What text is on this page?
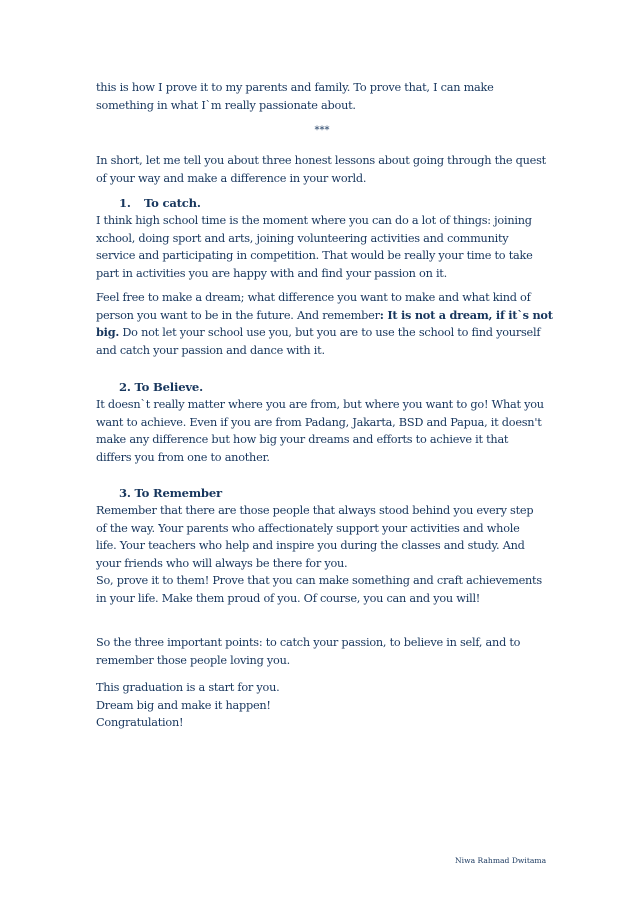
this is how I prove it to my parents and family. To prove that, I can make
something in what I`m really passionate about.
***
In short, let me tell you about three honest lessons about going through the quest
of your way and make a difference in your world.
1. To catch.
I think high school time is the moment where you can do a lot of things: joining
xchool, doing sport and arts, joining volunteering activities and community
service and participating in competition. That would be really your time to take
part in activities you are happy with and find your passion on it.
Feel free to make a dream; what difference you want to make and what kind of
person you want to be in the future. And remember: It is not a dream, if it`s not
big. Do not let your school use you, but you are to use the school to find yourself
and catch your passion and dance with it.
2. To Believe.
It doesn`t really matter where you are from, but where you want to go! What you
want to achieve. Even if you are from Padang, Jakarta, BSD and Papua, it doesn't
make any difference but how big your dreams and efforts to achieve it that
differs you from one to another.
3. To Remember
Remember that there are those people that always stood behind you every step
of the way. Your parents who affectionately support your activities and whole
life. Your teachers who help and inspire you during the classes and study. And
your friends who will always be there for you.
So, prove it to them! Prove that you can make something and craft achievements
in your life. Make them proud of you. Of course, you can and you will!
So the three important points: to catch your passion, to believe in self, and to
remember those people loving you.
This graduation is a start for you.
Dream big and make it happen!
Congratulation!
Niwa Rahmad Dwitama
